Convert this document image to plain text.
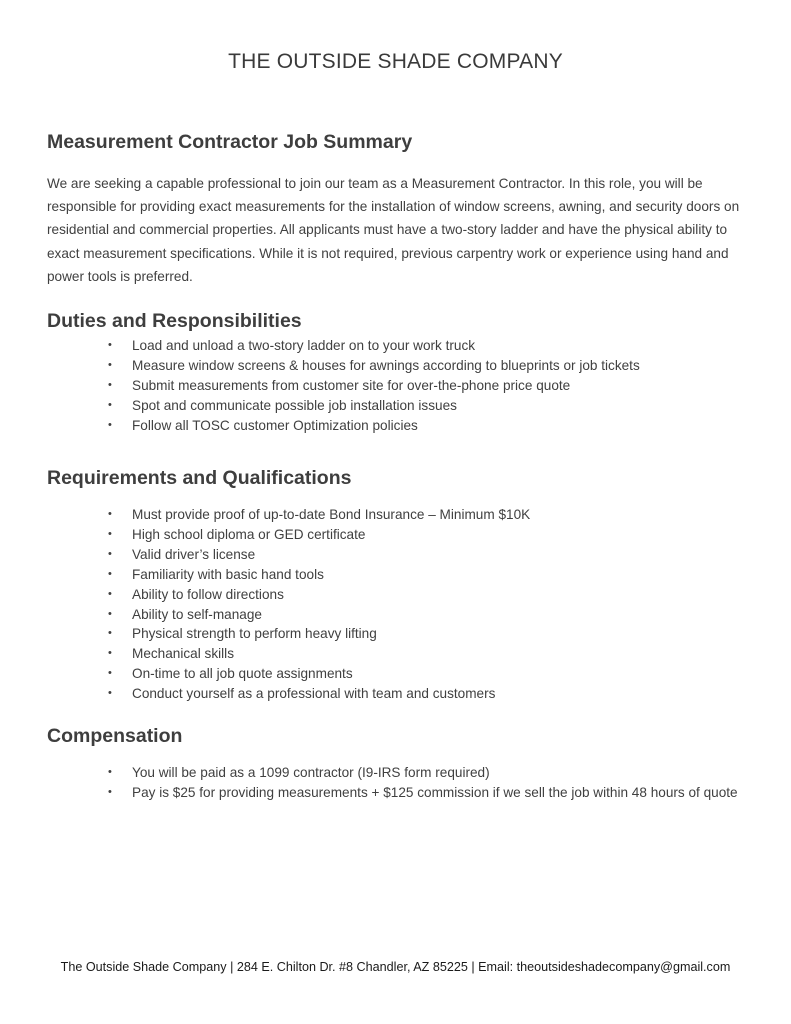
THE OUTSIDE SHADE COMPANY
Measurement Contractor Job Summary

We are seeking a capable professional to join our team as a Measurement Contractor. In this role, you will be responsible for providing exact measurements for the installation of window screens, awning, and security doors on residential and commercial properties. All applicants must have a two-story ladder and have the physical ability to exact measurement specifications. While it is not required, previous carpentry work or experience using hand and power tools is preferred.

Duties and Responsibilities
• Load and unload a two-story ladder on to your work truck
• Measure window screens & houses for awnings according to blueprints or job tickets
• Submit measurements from customer site for over-the-phone price quote
• Spot and communicate possible job installation issues
• Follow all TOSC customer Optimization policies
Requirements and Qualifications
• Must provide proof of up-to-date Bond Insurance – Minimum $10K
• High school diploma or GED certificate
• Valid driver’s license
• Familiarity with basic hand tools
• Ability to follow directions
• Ability to self-manage
• Physical strength to perform heavy lifting
• Mechanical skills
• On-time to all job quote assignments
• Conduct yourself as a professional with team and customers
Compensation
• You will be paid as a 1099 contractor (I9-IRS form required)
• Pay is $25 for providing measurements + $125 commission if we sell the job within 48 hours of quote

The Outside Shade Company | 284 E. Chilton Dr. #8 Chandler, AZ 85225 | Email: theoutsideshadecompany@gmail.com
